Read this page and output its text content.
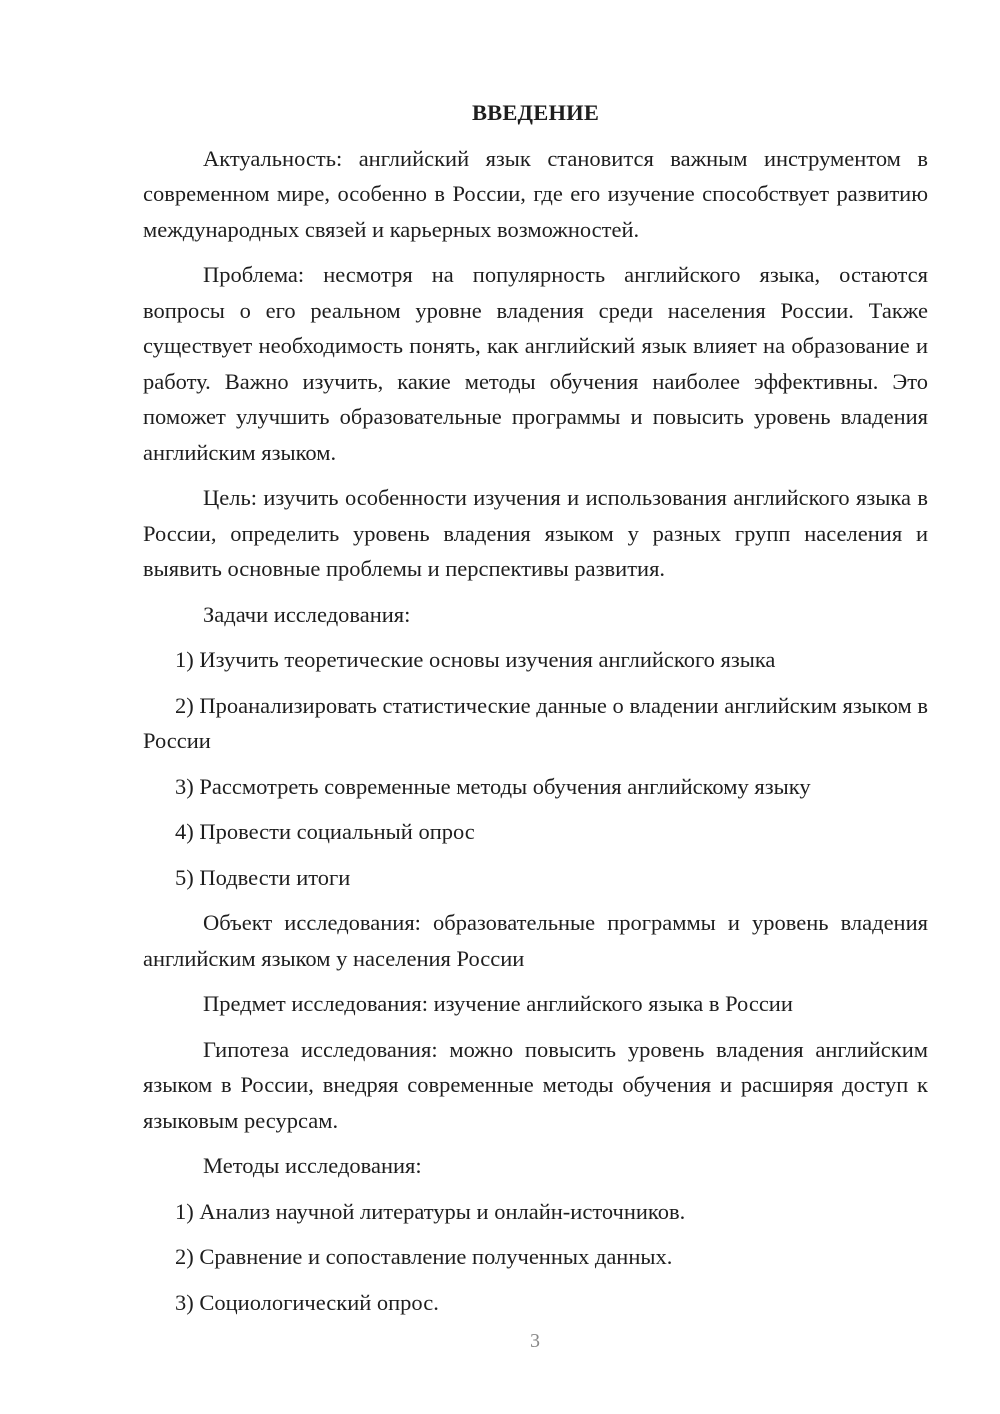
ВВЕДЕНИЕ
Актуальность: английский язык становится важным инструментом в современном мире, особенно в России, где его изучение способствует развитию международных связей и карьерных возможностей.
Проблема: несмотря на популярность английского языка, остаются вопросы о его реальном уровне владения среди населения России. Также существует необходимость понять, как английский язык влияет на образование и работу. Важно изучить, какие методы обучения наиболее эффективны. Это поможет улучшить образовательные программы и повысить уровень владения английским языком.
Цель: изучить особенности изучения и использования английского языка в России, определить уровень владения языком у разных групп населения и выявить основные проблемы и перспективы развития.
Задачи исследования:
1) Изучить теоретические основы изучения английского языка
2) Проанализировать статистические данные о владении английским языком в России
3) Рассмотреть современные методы обучения английскому языку
4) Провести социальный опрос
5) Подвести итоги
Объект исследования: образовательные программы и уровень владения английским языком у населения России
Предмет исследования: изучение английского языка в России
Гипотеза исследования: можно повысить уровень владения английским языком в России, внедряя современные методы обучения и расширяя доступ к языковым ресурсам.
Методы исследования:
1) Анализ научной литературы и онлайн-источников.
2) Сравнение и сопоставление полученных данных.
3) Социологический опрос.
3
